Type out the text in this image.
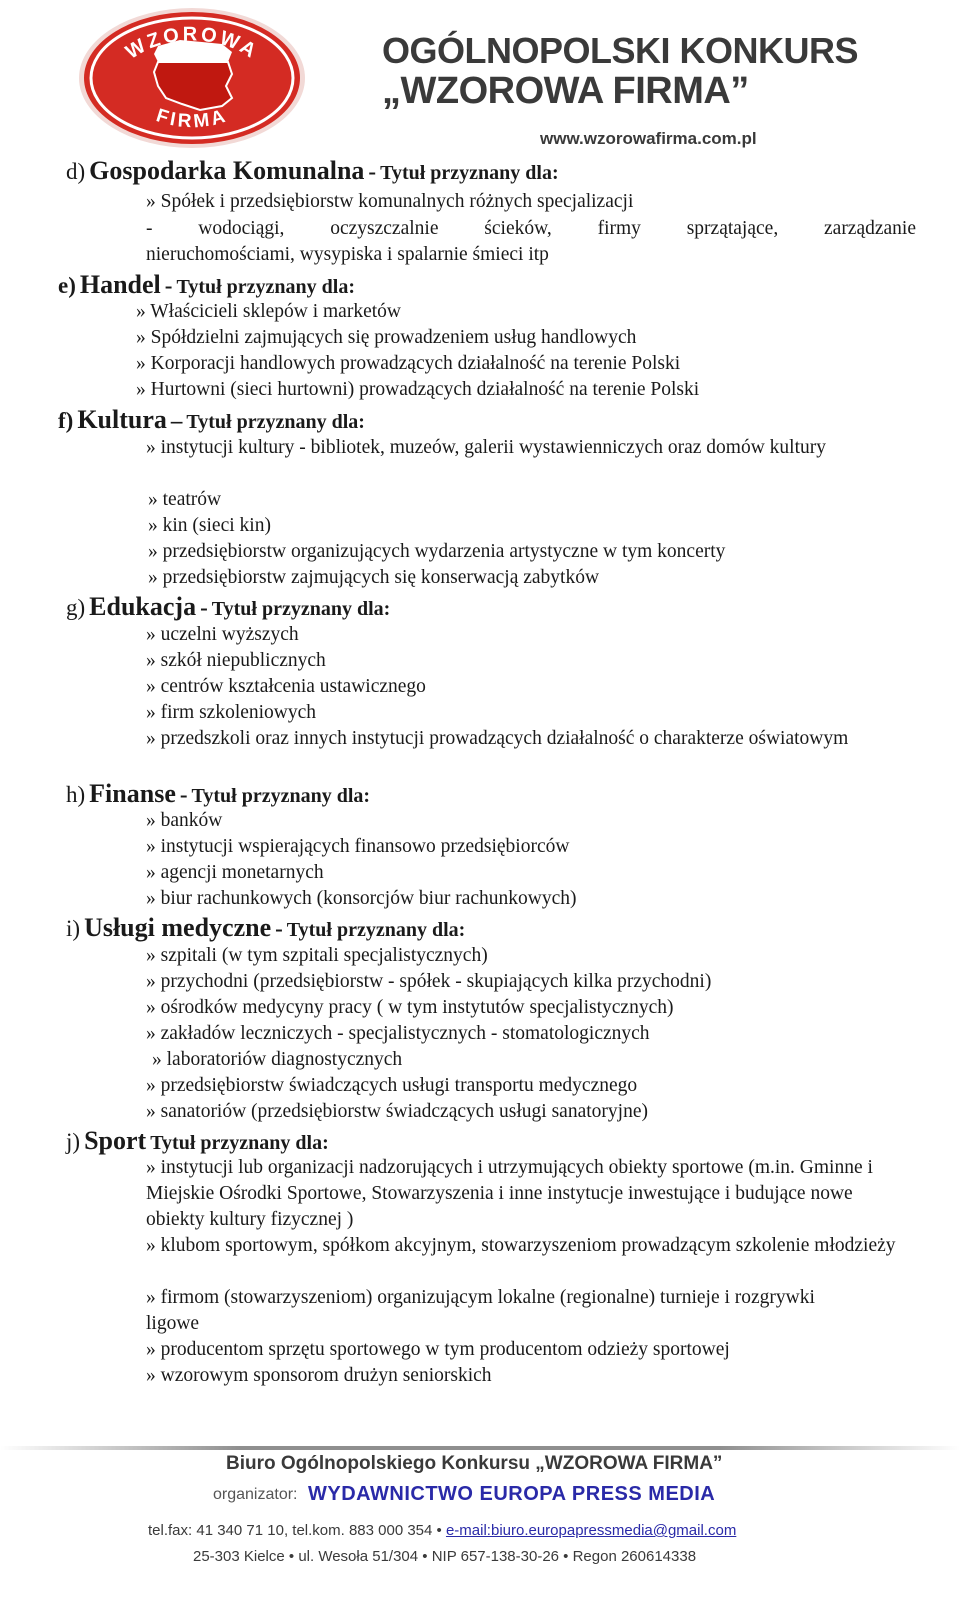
WZOROWA
FIRMA
OGÓLNOPOLSKI KONKURS
„WZOROWA FIRMA”
www.wzorowafirma.com.pl
d) Gospodarka Komunalna - Tytuł przyznany dla:
» Spółek i przedsiębiorstw komunalnych różnych specjalizacji
- wodociągi, oczyszczalnie ścieków, firmy sprzątające, zarządzanie
nieruchomościami, wysypiska i spalarnie śmieci itp
e) Handel - Tytuł przyznany dla:
» Właścicieli sklepów i marketów
» Spółdzielni zajmujących się prowadzeniem usług handlowych
» Korporacji handlowych prowadzących działalność na terenie Polski
» Hurtowni (sieci hurtowni) prowadzących działalność na terenie Polski
f) Kultura – Tytuł przyznany dla:
» instytucji kultury - bibliotek, muzeów, galerii wystawienniczych oraz domów kultury
» teatrów
» kin (sieci kin)
» przedsiębiorstw organizujących wydarzenia artystyczne w tym koncerty
» przedsiębiorstw zajmujących się konserwacją zabytków
g) Edukacja - Tytuł przyznany dla:
» uczelni wyższych
» szkół niepublicznych
» centrów kształcenia ustawicznego
» firm szkoleniowych
» przedszkoli oraz innych instytucji prowadzących działalność o charakterze oświatowym
h) Finanse - Tytuł przyznany dla:
» banków
» instytucji wspierających finansowo przedsiębiorców
» agencji monetarnych
» biur rachunkowych (konsorcjów biur rachunkowych)
i) Usługi medyczne - Tytuł przyznany dla:
» szpitali (w tym szpitali specjalistycznych)
» przychodni (przedsiębiorstw - spółek - skupiających kilka przychodni)
» ośrodków medycyny pracy ( w tym instytutów specjalistycznych)
» zakładów leczniczych - specjalistycznych - stomatologicznych
» laboratoriów diagnostycznych
» przedsiębiorstw świadczących usługi transportu medycznego
» sanatoriów (przedsiębiorstw świadczących usługi sanatoryjne)
j) Sport Tytuł przyznany dla:
» instytucji lub organizacji nadzorujących i utrzymujących obiekty sportowe (m.in. Gminne i Miejskie Ośrodki Sportowe, Stowarzyszenia i inne instytucje inwestujące i budujące nowe obiekty kultury fizycznej )
» klubom sportowym, spółkom akcyjnym, stowarzyszeniom prowadzącym szkolenie młodzieży
» firmom (stowarzyszeniom) organizującym lokalne (regionalne) turnieje i rozgrywki ligowe
» producentom sprzętu sportowego w tym producentom odzieży sportowej
» wzorowym sponsorom drużyn seniorskich
Biuro Ogólnopolskiego Konkursu „WZOROWA FIRMA”
organizator: WYDAWNICTWO EUROPA PRESS MEDIA
tel.fax: 41 340 71 10, tel.kom. 883 000 354 • e-mail:biuro.europapressmedia@gmail.com
25-303 Kielce • ul. Wesoła 51/304 • NIP 657-138-30-26 • Regon 260614338
